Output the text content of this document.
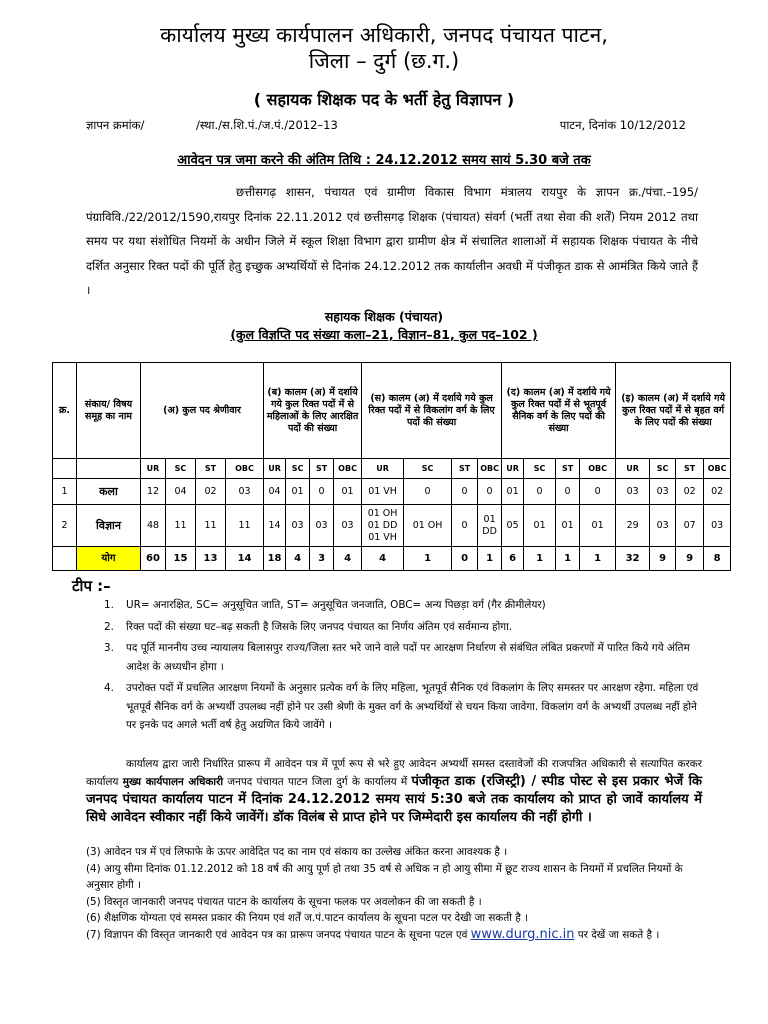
कार्यालय मुख्य कार्यपालन अधिकारी, जनपद पंचायत पाटन,
जिला – दुर्ग (छ.ग.)
( सहायक शिक्षक पद के भर्ती हेतु विज्ञापन )
ज्ञापन क्रमांक/	/स्था./स.शि.पं./ज.पं./2012–13	पाटन, दिनांक 10/12/2012
आवेदन पत्र जमा करने की अंतिम तिथि : 24.12.2012 समय सायं 5.30 बजे तक
छत्तीसगढ़ शासन, पंचायत एवं ग्रामीण विकास विभाग मंत्रालय रायपुर के ज्ञापन क्र./पंचा.–195/पंग्राविवि./22/2012/1590,रायपुर दिनांक 22.11.2012 एवं छत्तीसगढ़ शिक्षक (पंचायत) संवर्ग (भर्ती तथा सेवा की शर्तें) नियम 2012 तथा समय पर यथा संशोधित नियमों के अधीन जिले में स्कूल शिक्षा विभाग द्वारा ग्रामीण क्षेत्र में संचालित शालाओं में सहायक शिक्षक पंचायत के नीचे दर्शित अनुसार रिक्त पदों की पूर्ति हेतु इच्छुक अभ्यर्थियों से दिनांक 24.12.2012 तक कार्यालीन अवधी में पंजीकृत डाक से आमंत्रित किये जाते हैं ।
सहायक शिक्षक (पंचायत)
(कुल विज्ञप्ति पद संख्या कला–21, विज्ञान–81, कुल पद–102 )
क्र.	संकाय/ विषय समूह का नाम	(अ) कुल पद श्रेणीवार				(ब) कालम (अ) में दर्शाये गये कुल रिक्त पदों में से महिलाओं के लिए आरक्षित पदों की संख्या				(स) कालम (अ) में दर्शाये गये कुल रिक्त पदों में से विकलांग वर्ग के लिए पदों की संख्या				(द) कालम (अ) में दर्शाये गये कुल रिक्त पदों में से भूतपूर्व सैनिक वर्ग के लिए पदों की संख्या				(इ) कालम (अ) में दर्शाये गये कुल रिक्त पदों में से बृहत वर्ग के लिए पदों की संख्या			
		UR	SC	ST	OBC	UR	SC	ST	OBC	UR	SC	ST	OBC	UR	SC	ST	OBC	UR	SC	ST	OBC
1	कला	12	04	02	03	04	01	0	01	01 VH	0	0	0	01	0	0	0	03	03	02	02
2	विज्ञान	48	11	11	11	14	03	03	03	01 OH
01 DD
01 VH	01 OH	0	01 DD	05	01	01	01	29	03	07	03
	योग	60	15	13	14	18	4	3	4	4	1	0	1	6	1	1	1	32	9	9	8
टीप :–
1. UR= अनारक्षित, SC= अनुसूचित जाति, ST= अनुसूचित जनजाति, OBC= अन्य पिछड़ा वर्ग (गैर क्रीमीलेयर)
2. रिक्त पदों की संख्या घट–बढ़ सकती है जिसके लिए जनपद पंचायत का निर्णय अंतिम एवं सर्वमान्य होगा.
3. पद पूर्ति माननीय उच्च न्यायालय बिलासपुर राज्य/जिला स्तर भरे जाने वाले पदों पर आरक्षण निर्धारण से संबंधित लंबित प्रकरणों में पारित किये गये अंतिम आदेश के अध्यधीन होगा ।
4. उपरोक्त पदों में प्रचलित आरक्षण नियमों के अनुसार प्रत्येक वर्ग के लिए महिला, भूतपूर्व सैनिक एवं विकलांग के लिए समस्तर पर आरक्षण रहेगा. महिला एवं भूतपूर्व सैनिक वर्ग के अभ्यर्थी उपलब्ध नहीं होने पर उसी श्रेणी के मुक्त वर्ग के अभ्यर्थियों से चयन किया जावेगा. विकलांग वर्ग के अभ्यर्थी उपलब्ध नहीं होने पर इनके पद अगले भर्ती वर्ष हेतु अग्रणित किये जावेंगे ।
कार्यालय द्वारा जारी निर्धारित प्रारूप में आवेदन पत्र में पूर्ण रूप से भरे हुए आवेदन अभ्यर्थी समस्त दस्तावेजों की राजपत्रित अधिकारी से सत्यापित करकर कार्यालय मुख्य कार्यपालन अधिकारी जनपद पंचायत पाटन जिला दुर्ग के कार्यालय में पंजीकृत डाक (रजिस्ट्री) / स्पीड पोस्ट से इस प्रकार भेजें कि जनपद पंचायत कार्यालय पाटन में दिनांक 24.12.2012 समय सायं 5:30 बजे तक कार्यालय को प्राप्त हो जावें कार्यालय में सिधे आवेदन स्वीकार नहीं किये जावेंगें। डॉक विलंब से प्राप्त होने पर जिम्मेदारी इस कार्यालय की नहीं होगी ।
(3) आवेदन पत्र में एवं लिफाफे के ऊपर आवेदित पद का नाम एवं संकाय का उल्लेख अंकित करना आवश्यक है ।
(4) आयु सीमा दिनांक 01.12.2012 को 18 वर्ष की आयु पूर्ण हो तथा 35 वर्ष से अधिक न हो आयु सीमा में छूट राज्य शासन के नियमों में प्रचलित नियमों के अनुसार होगी ।
(5) विस्तृत जानकारी जनपद पंचायत पाटन के कार्यालय के सूचना फलक पर अवलोकन की जा सकती है ।
(6) शैक्षणिक योग्यता एवं समस्त प्रकार की नियम एवं शर्तें ज.पं.पाटन कार्यालय के सूचना पटल पर देखी जा सकती है ।
(7) विज्ञापन की विस्तृत जानकारी एवं आवेदन पत्र का प्रारूप जनपद पंचायत पाटन के सूचना पटल एवं www.durg.nic.in पर देखें जा सकते है ।
